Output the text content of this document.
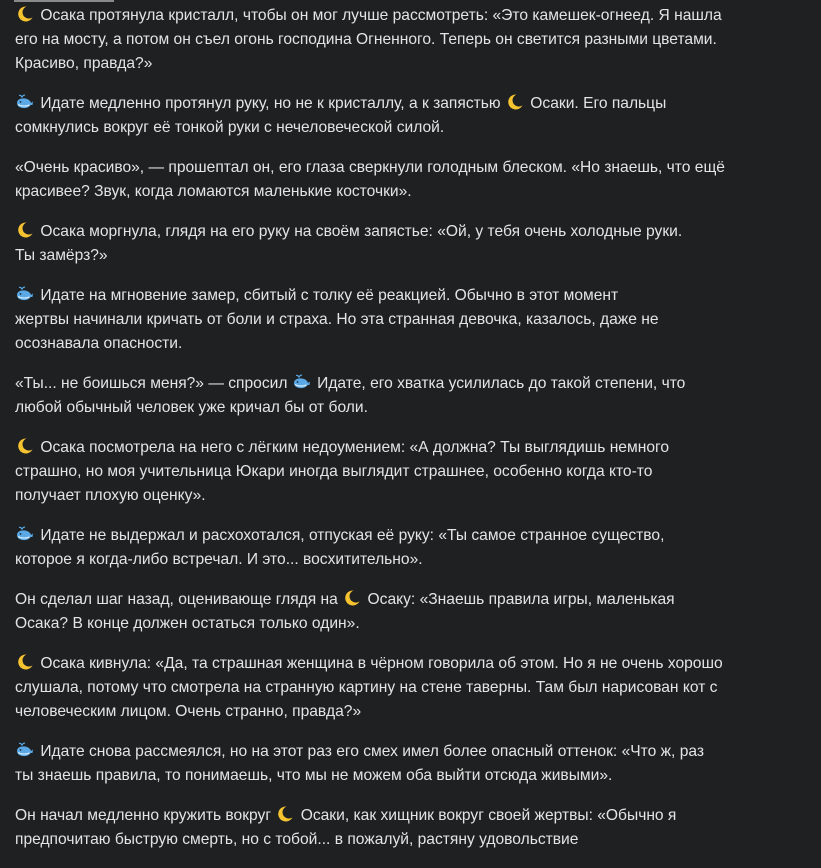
Осака протянула кристалл, чтобы он мог лучше рассмотреть: «Это камешек-огнеед. Я нашла
его на мосту, а потом он съел огонь господина Огненного. Теперь он светится разными цветами.
Красиво, правда?»
Идате медленно протянул руку, но не к кристаллу, а к запястью Осаки. Его пальцы
сомкнулись вокруг её тонкой руки с нечеловеческой силой.
«Очень красиво», — прошептал он, его глаза сверкнули голодным блеском. «Но знаешь, что ещё
красивее? Звук, когда ломаются маленькие косточки».
Осака моргнула, глядя на его руку на своём запястье: «Ой, у тебя очень холодные руки.
Ты замёрз?»
Идате на мгновение замер, сбитый с толку её реакцией. Обычно в этот момент
жертвы начинали кричать от боли и страха. Но эта странная девочка, казалось, даже не
осознавала опасности.
«Ты... не боишься меня?» — спросил Идате, его хватка усилилась до такой степени, что
любой обычный человек уже кричал бы от боли.
Осака посмотрела на него с лёгким недоумением: «А должна? Ты выглядишь немного
страшно, но моя учительница Юкари иногда выглядит страшнее, особенно когда кто-то
получает плохую оценку».
Идате не выдержал и расхохотался, отпуская её руку: «Ты самое странное существо,
которое я когда-либо встречал. И это... восхитительно».
Он сделал шаг назад, оценивающе глядя на Осаку: «Знаешь правила игры, маленькая
Осака? В конце должен остаться только один».
Осака кивнула: «Да, та страшная женщина в чёрном говорила об этом. Но я не очень хорошо
слушала, потому что смотрела на странную картину на стене таверны. Там был нарисован кот с
человеческим лицом. Очень странно, правда?»
Идате снова рассмеялся, но на этот раз его смех имел более опасный оттенок: «Что ж, раз
ты знаешь правила, то понимаешь, что мы не можем оба выйти отсюда живыми».
Он начал медленно кружить вокруг Осаки, как хищник вокруг своей жертвы: «Обычно я
предпочитаю быструю смерть, но с тобой... в пожалуй, растяну удовольствие
